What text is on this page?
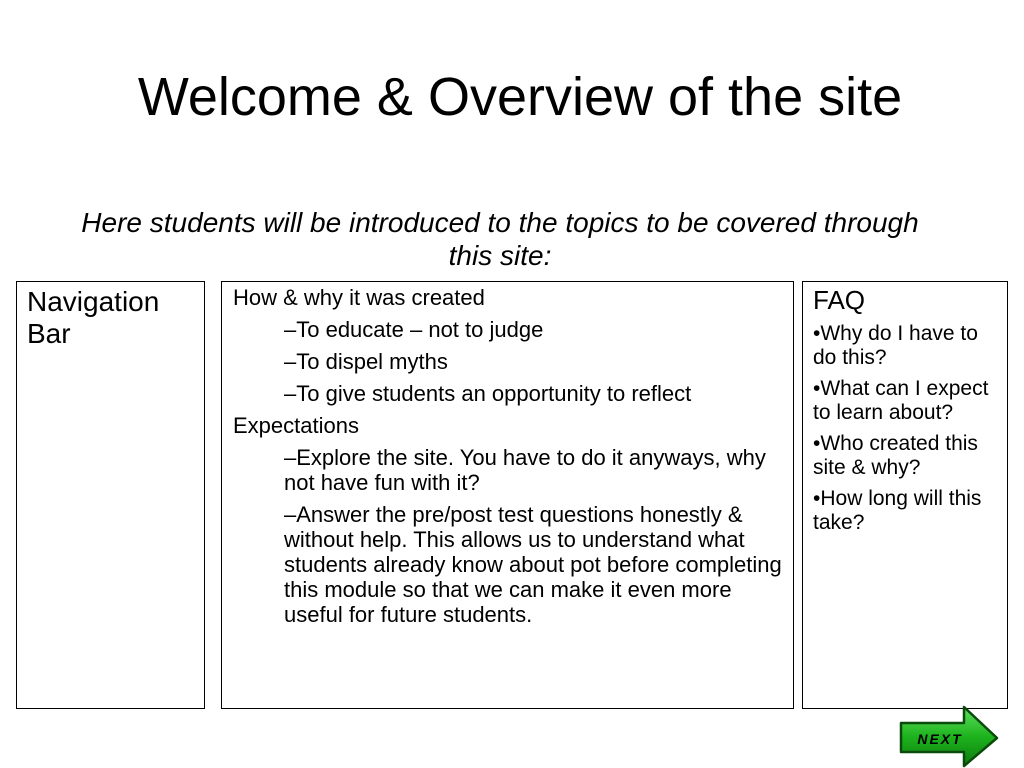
Welcome & Overview of the site

Here students will be introduced to the topics to be covered through this site:

Navigation
Bar

How & why it was created

–To educate – not to judge

–To dispel myths

–To give students an opportunity to reflect

Expectations

–Explore the site. You have to do it anyways, why not have fun with it?

–Answer the pre/post test questions honestly & without help. This allows us to understand what students already know about pot before completing this module so that we can make it even more useful for future students.

FAQ

•Why do I have to do this?

•What can I expect to learn about?

•Who created this site & why?

•How long will this take?

NEXT
